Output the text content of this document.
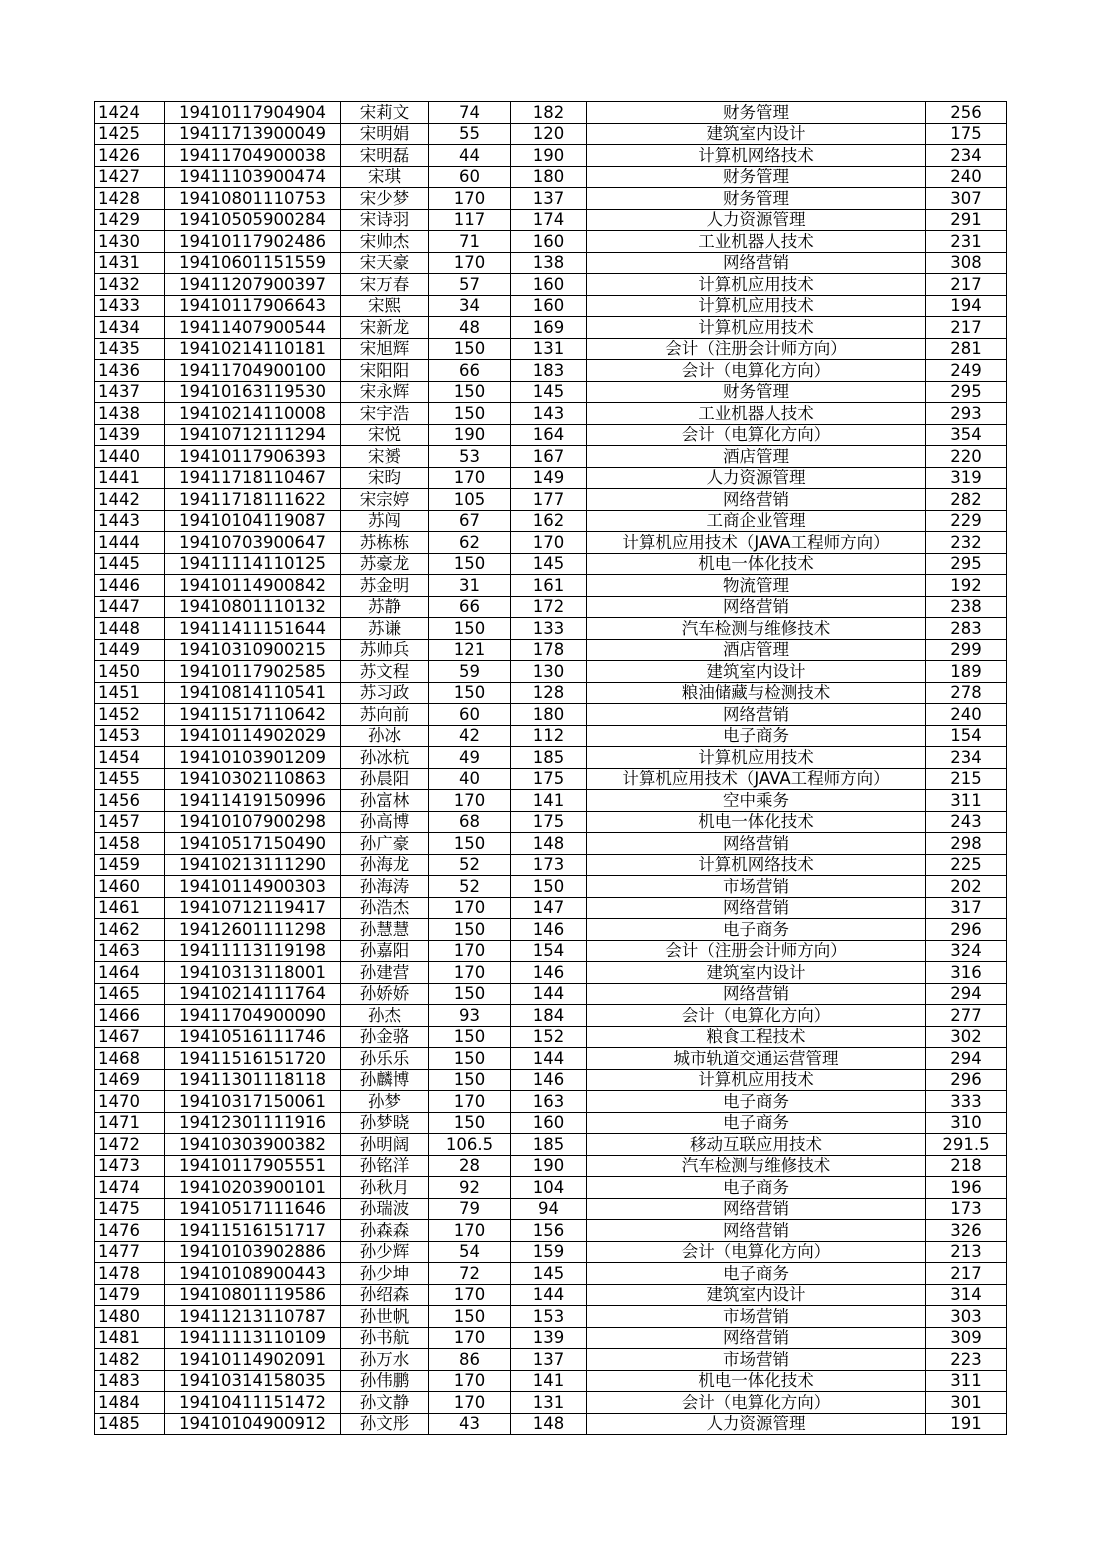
1424	19410117904904	宋莉文	74	182	财务管理	256
1425	19411713900049	宋明娟	55	120	建筑室内设计	175
1426	19411704900038	宋明磊	44	190	计算机网络技术	234
1427	19411103900474	宋琪	60	180	财务管理	240
1428	19410801110753	宋少梦	170	137	财务管理	307
1429	19410505900284	宋诗羽	117	174	人力资源管理	291
1430	19410117902486	宋帅杰	71	160	工业机器人技术	231
1431	19410601151559	宋天豪	170	138	网络营销	308
1432	19411207900397	宋万春	57	160	计算机应用技术	217
1433	19410117906643	宋熙	34	160	计算机应用技术	194
1434	19411407900544	宋新龙	48	169	计算机应用技术	217
1435	19410214110181	宋旭辉	150	131	会计（注册会计师方向）	281
1436	19411704900100	宋阳阳	66	183	会计（电算化方向）	249
1437	19410163119530	宋永辉	150	145	财务管理	295
1438	19410214110008	宋宇浩	150	143	工业机器人技术	293
1439	19410712111294	宋悦	190	164	会计（电算化方向）	354
1440	19410117906393	宋赟	53	167	酒店管理	220
1441	19411718110467	宋昀	170	149	人力资源管理	319
1442	19411718111622	宋宗婷	105	177	网络营销	282
1443	19410104119087	苏闯	67	162	工商企业管理	229
1444	19410703900647	苏栋栋	62	170	计算机应用技术（JAVA工程师方向）	232
1445	19411114110125	苏豪龙	150	145	机电一体化技术	295
1446	19410114900842	苏金明	31	161	物流管理	192
1447	19410801110132	苏静	66	172	网络营销	238
1448	19411411151644	苏谦	150	133	汽车检测与维修技术	283
1449	19410310900215	苏帅兵	121	178	酒店管理	299
1450	19410117902585	苏文程	59	130	建筑室内设计	189
1451	19410814110541	苏习政	150	128	粮油储藏与检测技术	278
1452	19411517110642	苏向前	60	180	网络营销	240
1453	19410114902029	孙冰	42	112	电子商务	154
1454	19410103901209	孙冰杭	49	185	计算机应用技术	234
1455	19410302110863	孙晨阳	40	175	计算机应用技术（JAVA工程师方向）	215
1456	19411419150996	孙富林	170	141	空中乘务	311
1457	19410107900298	孙高博	68	175	机电一体化技术	243
1458	19410517150490	孙广豪	150	148	网络营销	298
1459	19410213111290	孙海龙	52	173	计算机网络技术	225
1460	19410114900303	孙海涛	52	150	市场营销	202
1461	19410712119417	孙浩杰	170	147	网络营销	317
1462	19412601111298	孙慧慧	150	146	电子商务	296
1463	19411113119198	孙嘉阳	170	154	会计（注册会计师方向）	324
1464	19410313118001	孙建营	170	146	建筑室内设计	316
1465	19410214111764	孙娇娇	150	144	网络营销	294
1466	19411704900090	孙杰	93	184	会计（电算化方向）	277
1467	19410516111746	孙金骆	150	152	粮食工程技术	302
1468	19411516151720	孙乐乐	150	144	城市轨道交通运营管理	294
1469	19411301118118	孙麟博	150	146	计算机应用技术	296
1470	19410317150061	孙梦	170	163	电子商务	333
1471	19412301111916	孙梦晓	150	160	电子商务	310
1472	19410303900382	孙明阔	106.5	185	移动互联应用技术	291.5
1473	19410117905551	孙铭洋	28	190	汽车检测与维修技术	218
1474	19410203900101	孙秋月	92	104	电子商务	196
1475	19410517111646	孙瑞波	79	94	网络营销	173
1476	19411516151717	孙森森	170	156	网络营销	326
1477	19410103902886	孙少辉	54	159	会计（电算化方向）	213
1478	19410108900443	孙少坤	72	145	电子商务	217
1479	19410801119586	孙绍森	170	144	建筑室内设计	314
1480	19411213110787	孙世帆	150	153	市场营销	303
1481	19411113110109	孙书航	170	139	网络营销	309
1482	19410114902091	孙万水	86	137	市场营销	223
1483	19410314158035	孙伟鹏	170	141	机电一体化技术	311
1484	19410411151472	孙文静	170	131	会计（电算化方向）	301
1485	19410104900912	孙文彤	43	148	人力资源管理	191
